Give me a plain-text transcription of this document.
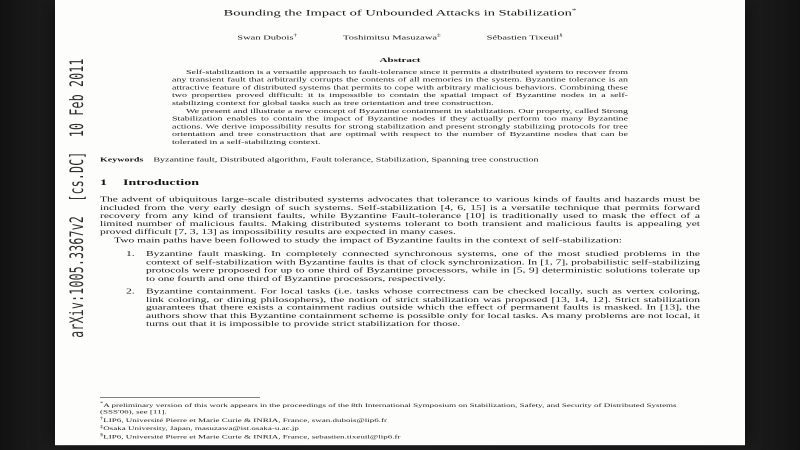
arXiv:1005.3367v2  [cs.DC]  10 Feb 2011
Bounding the Impact of Unbounded Attacks in Stabilization*
Swan Dubois†	Toshimitsu Masuzawa‡	Sébastien Tixeuil§
Abstract

Self-stabilization is a versatile approach to fault-tolerance since it permits a distributed system to recover from any transient fault that arbitrarily corrupts the contents of all memories in the system. Byzantine tolerance is an attractive feature of distributed systems that permits to cope with arbitrary malicious behaviors. Combining these two properties proved difficult: it is impossible to contain the spatial impact of Byzantine nodes in a self-stabilizing context for global tasks such as tree orientation and tree construction.

We present and illustrate a new concept of Byzantine containment in stabilization. Our property, called Strong Stabilization enables to contain the impact of Byzantine nodes if they actually perform too many Byzantine actions. We derive impossibility results for strong stabilization and present strongly stabilizing protocols for tree orientation and tree construction that are optimal with respect to the number of Byzantine nodes that can be tolerated in a self-stabilizing context.

Keywords Byzantine fault, Distributed algorithm, Fault tolerance, Stabilization, Spanning tree construction

1 Introduction

The advent of ubiquitous large-scale distributed systems advocates that tolerance to various kinds of faults and hazards must be included from the very early design of such systems. Self-stabilization [4, 6, 15] is a versatile technique that permits forward recovery from any kind of transient faults, while Byzantine Fault-tolerance [10] is traditionally used to mask the effect of a limited number of malicious faults. Making distributed systems tolerant to both transient and malicious faults is appealing yet proved difficult [7, 3, 13] as impossibility results are expected in many cases.

Two main paths have been followed to study the impact of Byzantine faults in the context of self-stabilization:

1. Byzantine fault masking. In completely connected synchronous systems, one of the most studied problems in the context of self-stabilization with Byzantine faults is that of clock synchronization. In [1, 7], probabilistic self-stabilizing protocols were proposed for up to one third of Byzantine processors, while in [5, 9] deterministic solutions tolerate up to one fourth and one third of Byzantine processors, respectively.
2. Byzantine containment. For local tasks (i.e. tasks whose correctness can be checked locally, such as vertex coloring, link coloring, or dining philosophers), the notion of strict stabilization was proposed [13, 14, 12]. Strict stabilization guarantees that there exists a containment radius outside which the effect of permanent faults is masked. In [13], the authors show that this Byzantine containment scheme is possible only for local tasks. As many problems are not local, it turns out that it is impossible to provide strict stabilization for those.

*A preliminary version of this work appears in the proceedings of the 8th International Symposium on Stabilization, Safety, and Security of Distributed Systems (SSS'06), see [11].

†LIP6, Université Pierre et Marie Curie & INRIA, France, swan.dubois@lip6.fr

‡Osaka University, Japan, masuzawa@ist.osaka-u.ac.jp

§LIP6, Université Pierre et Marie Curie & INRIA, France, sebastien.tixeuil@lip6.fr
